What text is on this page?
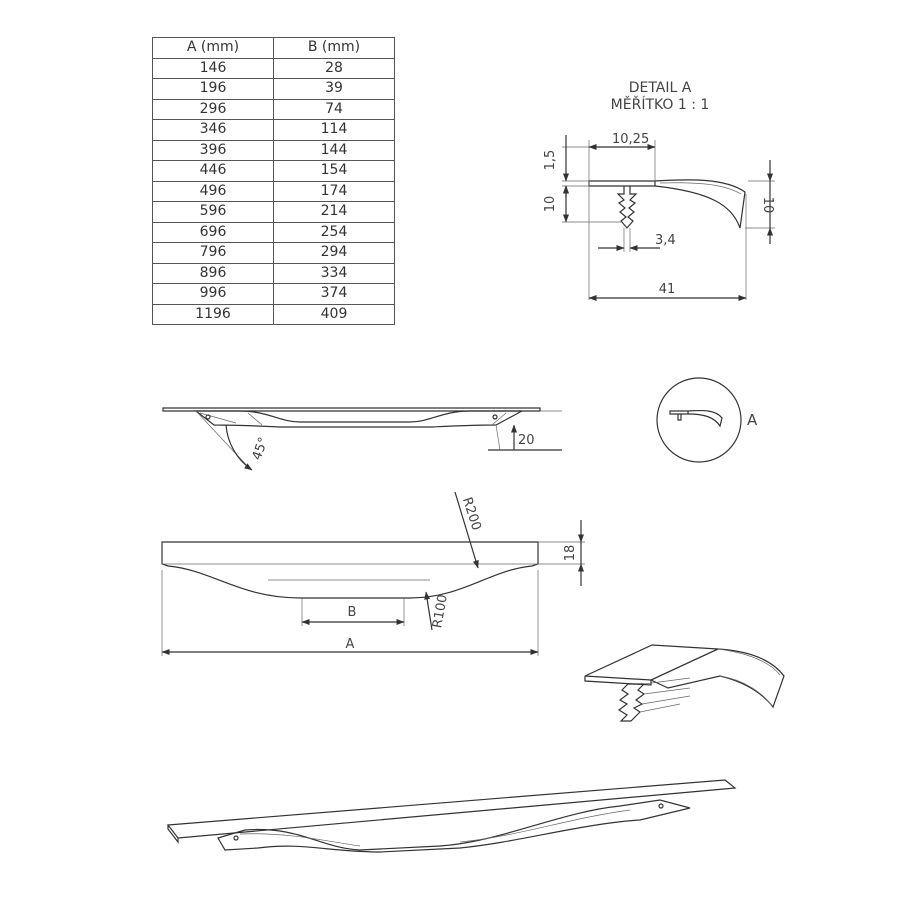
A (mm)	B (mm)
146	28
196	39
296	74
346	114
396	144
446	154
496	174
596	214
696	254
796	294
896	334
996	374
1196	409
DETAIL A
MĚŘÍTKO 1 : 1
10,25
1,5
10	10
3,4
41
45°	20
A
A
B
18
R200
R100
